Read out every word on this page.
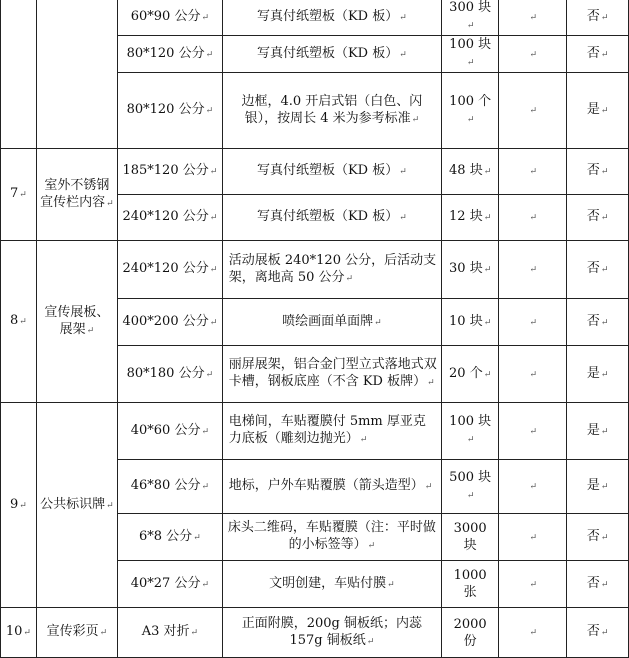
		60*90 公分↵	写真付纸塑板（KD 板）↵	300 块↵	↵	否↵
		80*120 公分↵	写真付纸塑板（KD 板）↵	100 块↵	↵	否↵
		80*120 公分↵	边框，4.0 开启式铝（白色、闪银），按周长 4 米为参考标准↵	100 个↵	↵	是↵
7↵	室外不锈钢宣传栏内容↵	185*120 公分↵	写真付纸塑板（KD 板）↵	48 块↵	↵	否↵
		240*120 公分↵	写真付纸塑板（KD 板）↵	12 块↵	↵	否↵
8↵	宣传展板、展架↵	240*120 公分↵	活动展板 240*120 公分，后活动支架，离地高 50 公分↵	30 块↵	↵	否↵
		400*200 公分↵	喷绘画面单面牌↵	10 块↵	↵	否↵
		80*180 公分↵	丽屏展架，铝合金门型立式落地式双卡槽，钢板底座（不含 KD 板牌）↵	20 个↵	↵	是↵
9↵	公共标识牌↵	40*60 公分↵	电梯间，车贴覆膜付 5mm 厚亚克力底板（雕刻边抛光）↵	100 块↵	↵	是↵
		46*80 公分↵	地标，户外车贴覆膜（箭头造型）↵	500 块↵	↵	是↵
		6*8 公分↵	床头二维码，车贴覆膜（注：平时做的小标签等）↵	3000 块	↵	否↵
		40*27 公分↵	文明创建，车贴付膜↵	1000 张	↵	否↵
10↵	宣传彩页↵	A3 对折↵	正面附膜，200g 铜板纸；内蕊 157g 铜板纸↵	2000 份	↵	否↵
